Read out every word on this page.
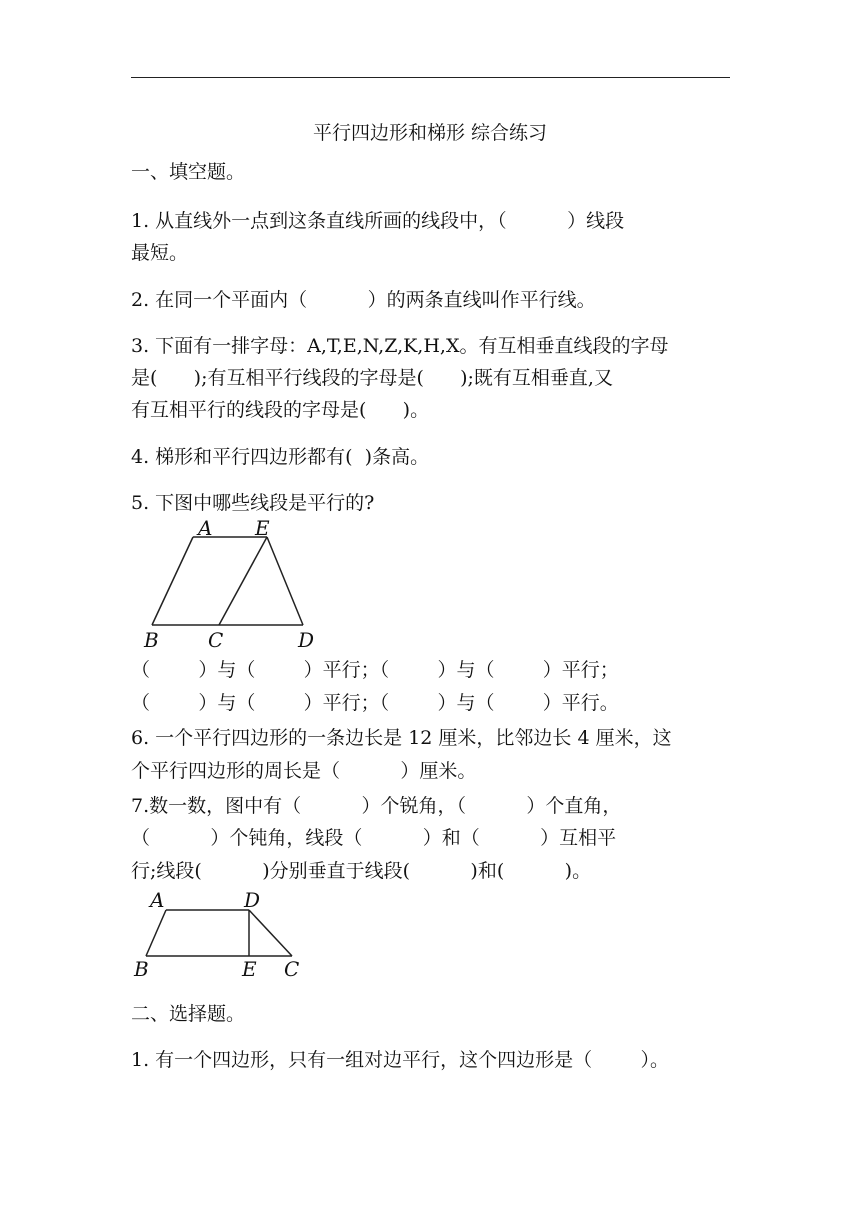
平行四边形和梯形 综合练习
一、填空题。
1. 从直线外一点到这条直线所画的线段中，（          ）线段
最短。
2. 在同一个平面内（          ）的两条直线叫作平行线。
3. 下面有一排字母：A,T,E,N,Z,K,H,X。有互相垂直线段的字母
是(      );有互相平行线段的字母是(      );既有互相垂直,又
有互相平行的线段的字母是(      )。
4. 梯形和平行四边形都有(  )条高。
5. 下图中哪些线段是平行的?
A E
B C	D
（        ）与（        ）平行；（        ）与（        ）平行；
（        ）与（        ）平行；（        ）与（        ）平行。
6. 一个平行四边形的一条边长是 12 厘米，比邻边长 4 厘米，这
个平行四边形的周长是（          ）厘米。
7.数一数，图中有（          ）个锐角，（          ）个直角，
（          ）个钝角，线段（          ）和（          ）互相平
行;线段(          )分别垂直于线段(          )和(          )。
A	D
B	E C
二、选择题。
1. 有一个四边形，只有一组对边平行，这个四边形是（        ）。
